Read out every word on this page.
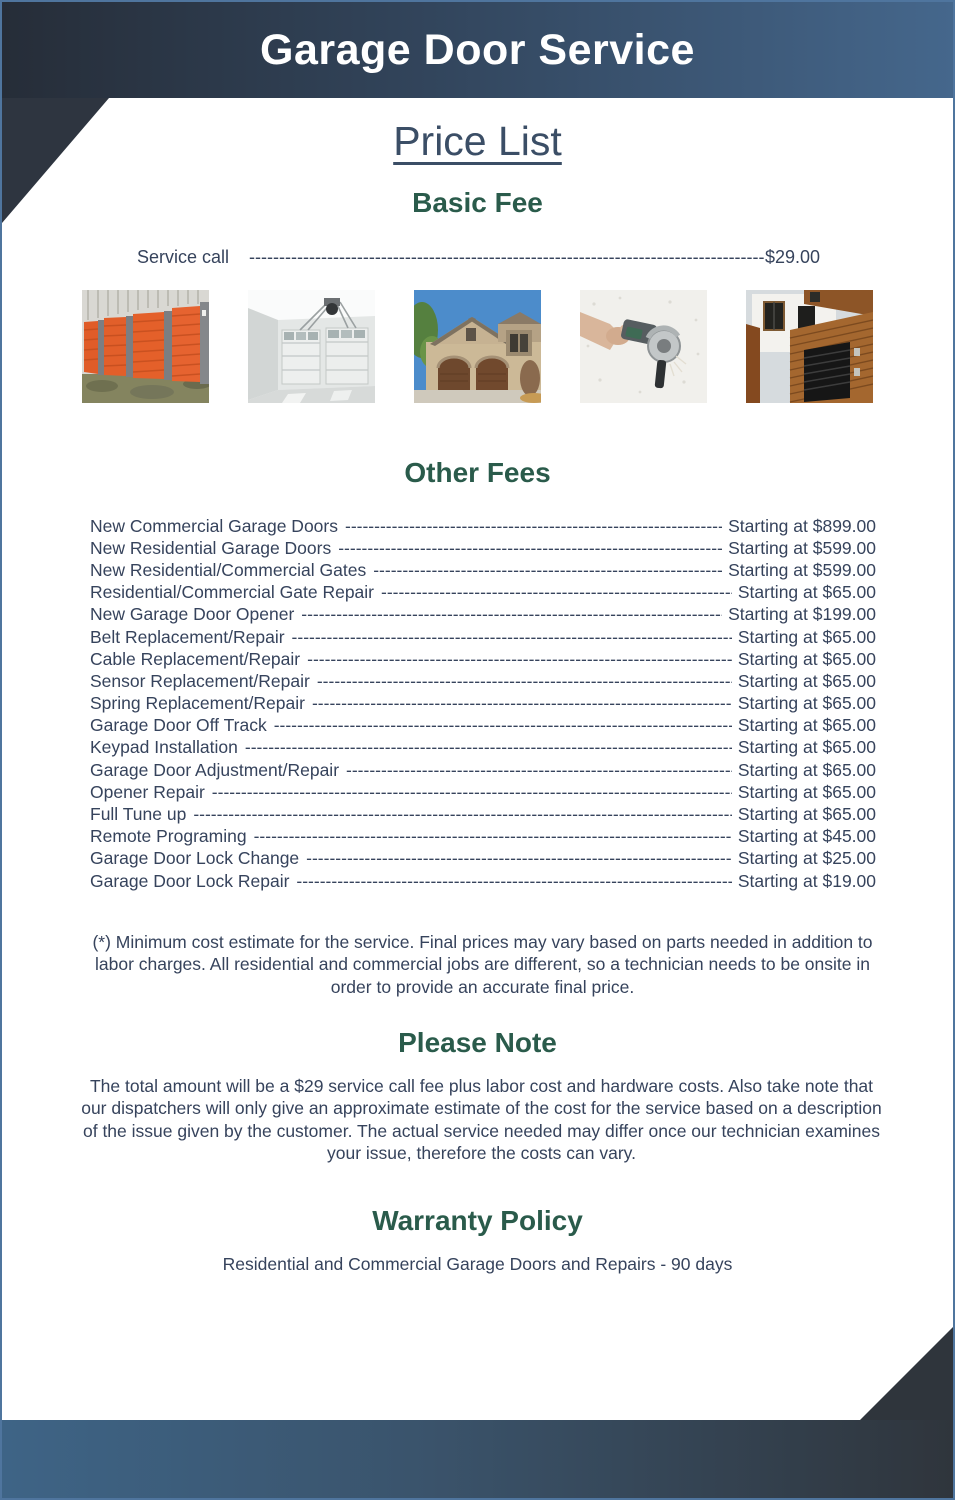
Garage Door Service
Price List
Basic Fee
Service call -----	$29.00
Other Fees
New Commercial Garage Doors -----	Starting at $899.00
New Residential Garage Doors -----	Starting at $599.00
New Residential/Commercial Gates -----	Starting at $599.00
Residential/Commercial Gate Repair -----	Starting at $65.00
New Garage Door Opener -----	Starting at $199.00
Belt Replacement/Repair -----	Starting at $65.00
Cable Replacement/Repair -----	Starting at $65.00
Sensor Replacement/Repair -----	Starting at $65.00
Spring Replacement/Repair -----	Starting at $65.00
Garage Door Off Track -----	Starting at $65.00
Keypad Installation -----	Starting at $65.00
Garage Door Adjustment/Repair -----	Starting at $65.00
Opener Repair -----	Starting at $65.00
Full Tune up -----	Starting at $65.00
Remote Programing -----	Starting at $45.00
Garage Door Lock Change -----	Starting at $25.00
Garage Door Lock Repair -----	Starting at $19.00

(*) Minimum cost estimate for the service. Final prices may vary based on parts needed in addition to labor charges. All residential and commercial jobs are different, so a technician needs to be onsite in order to provide an accurate final price.

Please Note

The total amount will be a $29 service call fee plus labor cost and hardware costs. Also take note that our dispatchers will only give an approximate estimate of the cost for the service based on a description of the issue given by the customer. The actual service needed may differ once our technician examines your issue, therefore the costs can vary.

Warranty Policy

Residential and Commercial Garage Doors and Repairs - 90 days
